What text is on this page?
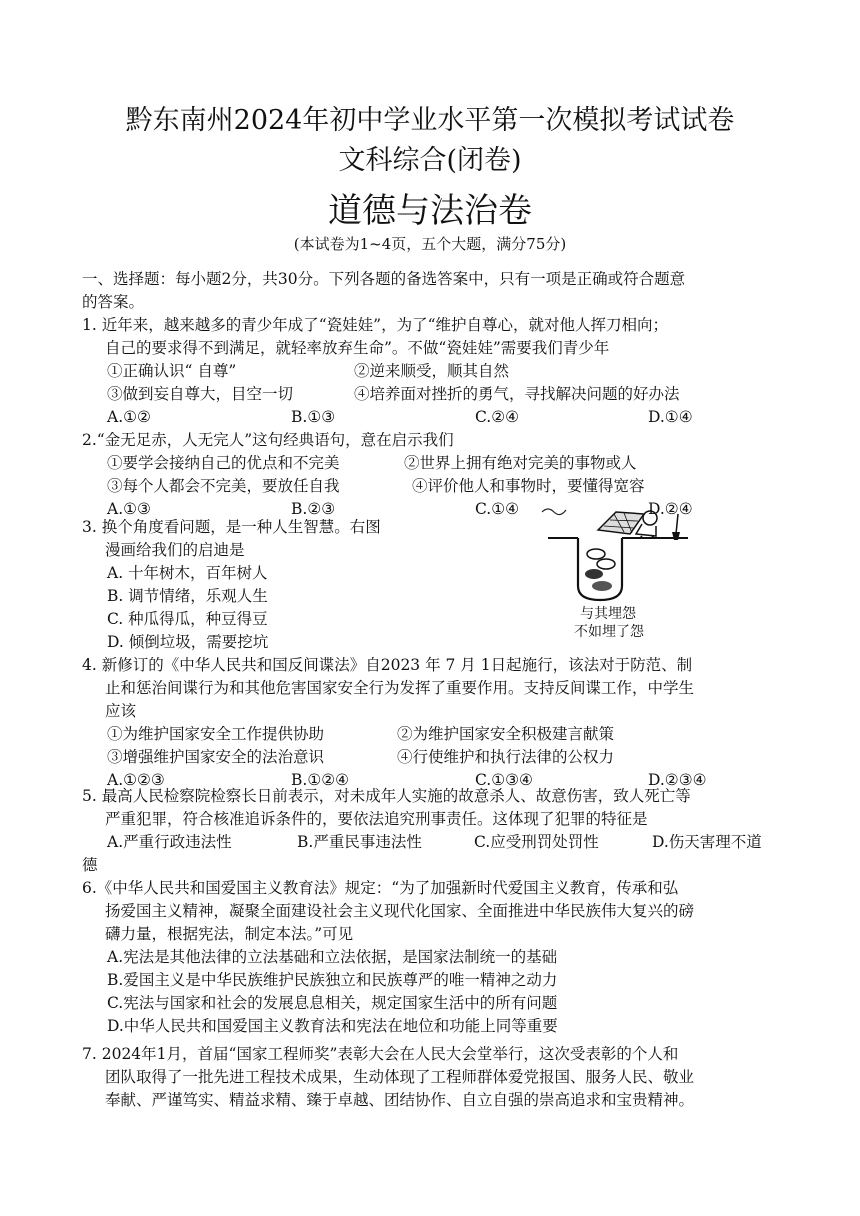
黔东南州2024年初中学业水平第一次模拟考试试卷
文科综合(闭卷)
道德与法治卷
(本试卷为1~4页，五个大题，满分75分)
一、选择题：每小题2分，共30分。下列各题的备选答案中，只有一项是正确或符合题意
的答案。
1. 近年来，越来越多的青少年成了“瓷娃娃”，为了“维护自尊心，就对他人挥刀相向；
自己的要求得不到满足，就轻率放弃生命”。不做“瓷娃娃”需要我们青少年
①正确认识“ 自尊”	②逆来顺受，顺其自然
③做到妄自尊大，目空一切	④培养面对挫折的勇气，寻找解决问题的好办法
A.①②	B.①③	C.②④	D.①④
2.“金无足赤，人无完人”这句经典语句，意在启示我们
①要学会接纳自己的优点和不完美	②世界上拥有绝对完美的事物或人
③每个人都会不完美，要放任自我	④评价他人和事物时，要懂得宽容
A.①③	B.②③	C.①④	D.②④
3. 换个角度看问题，是一种人生智慧。右图
漫画给我们的启迪是
A. 十年树木，百年树人
B. 调节情绪，乐观人生
C. 种瓜得瓜，种豆得豆
D. 倾倒垃圾，需要挖坑
与其埋怨
不如埋了怨
4. 新修订的《中华人民共和国反间谍法》自2023 年 7 月 1日起施行，该法对于防范、制
止和惩治间谍行为和其他危害国家安全行为发挥了重要作用。支持反间谍工作，中学生
应该
①为维护国家安全工作提供协助	②为维护国家安全积极建言献策
③增强维护国家安全的法治意识	④行使维护和执行法律的公权力
A.①②③	B.①②④	C.①③④	D.②③④
5. 最高人民检察院检察长日前表示，对未成年人实施的故意杀人、故意伤害，致人死亡等
严重犯罪，符合核准追诉条件的，要依法追究刑事责任。这体现了犯罪的特征是
A.严重行政违法性	B.严重民事违法性	C.应受刑罚处罚性	D.伤天害理不道
德
6.《中华人民共和国爱国主义教育法》规定：“为了加强新时代爱国主义教育，传承和弘
扬爱国主义精神，凝聚全面建设社会主义现代化国家、全面推进中华民族伟大复兴的磅
礴力量，根据宪法，制定本法。”可见
A.宪法是其他法律的立法基础和立法依据，是国家法制统一的基础
B.爱国主义是中华民族维护民族独立和民族尊严的唯一精神之动力
C.宪法与国家和社会的发展息息相关，规定国家生活中的所有问题
D.中华人民共和国爱国主义教育法和宪法在地位和功能上同等重要
7. 2024年1月，首届“国家工程师奖”表彰大会在人民大会堂举行，这次受表彰的个人和
团队取得了一批先进工程技术成果，生动体现了工程师群体爱党报国、服务人民、敬业
奉献、严谨笃实、精益求精、臻于卓越、团结协作、自立自强的崇高追求和宝贵精神。
